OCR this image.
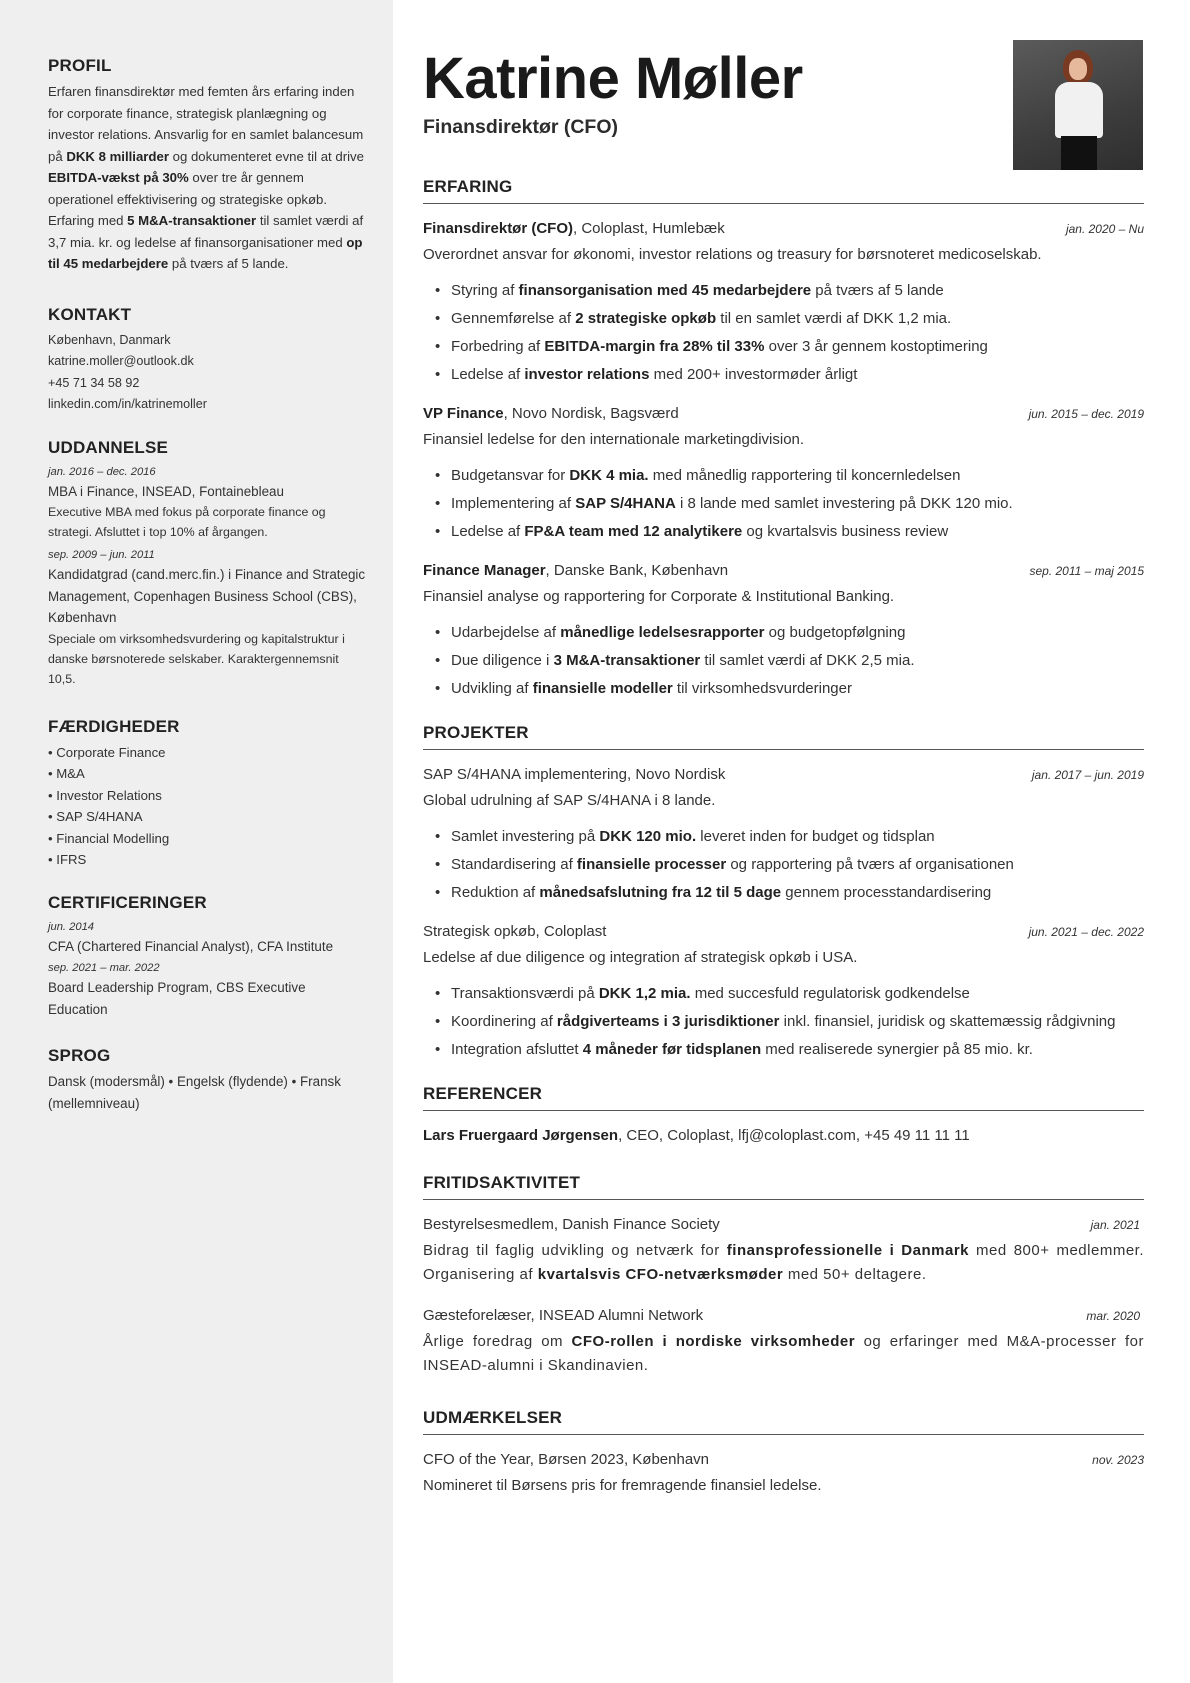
PROFIL

Erfaren finansdirektør med femten års erfaring inden for corporate finance, strategisk planlægning og investor relations. Ansvarlig for en samlet balancesum på DKK 8 milliarder og dokumenteret evne til at drive EBITDA-vækst på 30% over tre år gennem operationel effektivisering og strategiske opkøb. Erfaring med 5 M&A-transaktioner til samlet værdi af 3,7 mia. kr. og ledelse af finansorganisationer med op til 45 medarbejdere på tværs af 5 lande.

KONTAKT
København, Danmark
katrine.moller@outlook.dk
+45 71 34 58 92
linkedin.com/in/katrinemoller
UDDANNELSE
jan. 2016 – dec. 2016
MBA i Finance, INSEAD, Fontainebleau
Executive MBA med fokus på corporate finance og strategi. Afsluttet i top 10% af årgangen.
sep. 2009 – jun. 2011
Kandidatgrad (cand.merc.fin.) i Finance and Strategic Management, Copenhagen Business School (CBS), København
Speciale om virksomhedsvurdering og kapitalstruktur i danske børsnoterede selskaber. Karaktergennemsnit 10,5.
FÆRDIGHEDER
• Corporate Finance
• M&A
• Investor Relations
• SAP S/4HANA
• Financial Modelling
• IFRS
CERTIFICERINGER
jun. 2014
CFA (Chartered Financial Analyst), CFA Institute
sep. 2021 – mar. 2022
Board Leadership Program, CBS Executive Education
SPROG
Dansk (modersmål) • Engelsk (flydende) • Fransk (mellemniveau)
Katrine Møller
Finansdirektør (CFO)
ERFARING
Finansdirektør (CFO), Coloplast, Humlebæk	jan. 2020 – Nu
Overordnet ansvar for økonomi, investor relations og treasury for børsnoteret medicoselskab.
• Styring af finansorganisation med 45 medarbejdere på tværs af 5 lande
• Gennemførelse af 2 strategiske opkøb til en samlet værdi af DKK 1,2 mia.
• Forbedring af EBITDA-margin fra 28% til 33% over 3 år gennem kostoptimering
• Ledelse af investor relations med 200+ investormøder årligt
VP Finance, Novo Nordisk, Bagsværd	jun. 2015 – dec. 2019
Finansiel ledelse for den internationale marketingdivision.
• Budgetansvar for DKK 4 mia. med månedlig rapportering til koncernledelsen
• Implementering af SAP S/4HANA i 8 lande med samlet investering på DKK 120 mio.
• Ledelse af FP&A team med 12 analytikere og kvartalsvis business review
Finance Manager, Danske Bank, København	sep. 2011 – maj 2015
Finansiel analyse og rapportering for Corporate & Institutional Banking.
• Udarbejdelse af månedlige ledelsesrapporter og budgetopfølgning
• Due diligence i 3 M&A-transaktioner til samlet værdi af DKK 2,5 mia.
• Udvikling af finansielle modeller til virksomhedsvurderinger
PROJEKTER
SAP S/4HANA implementering, Novo Nordisk	jan. 2017 – jun. 2019
Global udrulning af SAP S/4HANA i 8 lande.
• Samlet investering på DKK 120 mio. leveret inden for budget og tidsplan
• Standardisering af finansielle processer og rapportering på tværs af organisationen
• Reduktion af månedsafslutning fra 12 til 5 dage gennem processtandardisering
Strategisk opkøb, Coloplast	jun. 2021 – dec. 2022
Ledelse af due diligence og integration af strategisk opkøb i USA.
• Transaktionsværdi på DKK 1,2 mia. med succesfuld regulatorisk godkendelse
• Koordinering af rådgiverteams i 3 jurisdiktioner inkl. finansiel, juridisk og skattemæssig rådgivning
• Integration afsluttet 4 måneder før tidsplanen med realiserede synergier på 85 mio. kr.
REFERENCER
Lars Fruergaard Jørgensen, CEO, Coloplast, lfj@coloplast.com, +45 49 11 11 11
FRITIDSAKTIVITET
Bestyrelsesmedlem, Danish Finance Society	jan. 2021
Bidrag til faglig udvikling og netværk for finansprofessionelle i Danmark med 800+ medlemmer. Organisering af kvartalsvis CFO-netværksmøder med 50+ deltagere.
Gæsteforelæser, INSEAD Alumni Network	mar. 2020
Årlige foredrag om CFO-rollen i nordiske virksomheder og erfaringer med M&A-processer for INSEAD-alumni i Skandinavien.
UDMÆRKELSER
CFO of the Year, Børsen 2023, København	nov. 2023
Nomineret til Børsens pris for fremragende finansiel ledelse.
